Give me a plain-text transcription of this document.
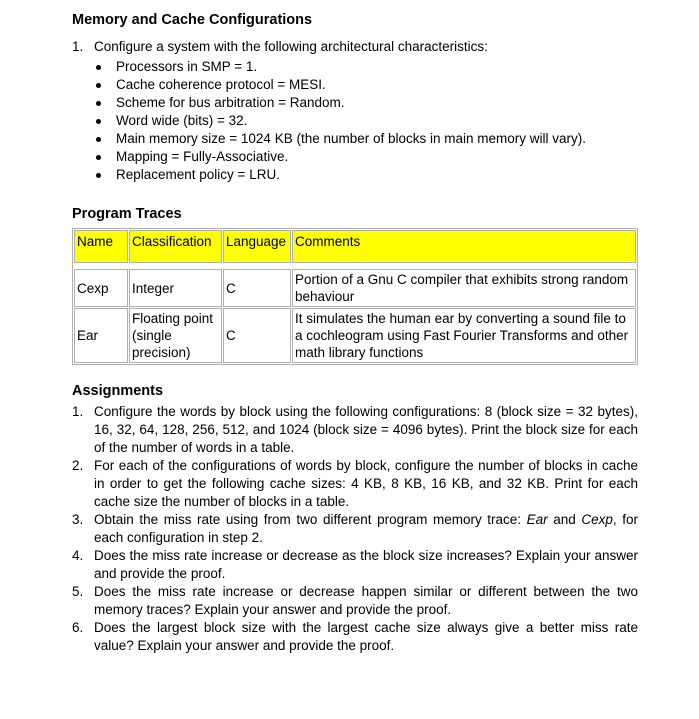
Memory and Cache Configurations
1. Configure a system with the following architectural characteristics:
Processors in SMP = 1.
Cache coherence protocol = MESI.
Scheme for bus arbitration = Random.
Word wide (bits) = 32.
Main memory size = 1024 KB (the number of blocks in main memory will vary).
Mapping = Fully-Associative.
Replacement policy = LRU.
Program Traces
Name	Classification	Language	Comments

Cexp	Integer	C	Portion of a Gnu C compiler that exhibits strong random behaviour
Ear	Floating point (single precision)	C	It simulates the human ear by converting a sound file to a cochleogram using Fast Fourier Transforms and other math library functions
Assignments
1. Configure the words by block using the following configurations: 8 (block size = 32 bytes), 16, 32, 64, 128, 256, 512, and 1024 (block size = 4096 bytes). Print the block size for each of the number of words in a table.
2. For each of the configurations of words by block, configure the number of blocks in cache in order to get the following cache sizes: 4 KB, 8 KB, 16 KB, and 32 KB. Print for each cache size the number of blocks in a table.
3. Obtain the miss rate using from two different program memory trace: Ear and Cexp, for each configuration in step 2.
4. Does the miss rate increase or decrease as the block size increases? Explain your answer and provide the proof.
5. Does the miss rate increase or decrease happen similar or different between the two memory traces? Explain your answer and provide the proof.
6. Does the largest block size with the largest cache size always give a better miss rate value? Explain your answer and provide the proof.
